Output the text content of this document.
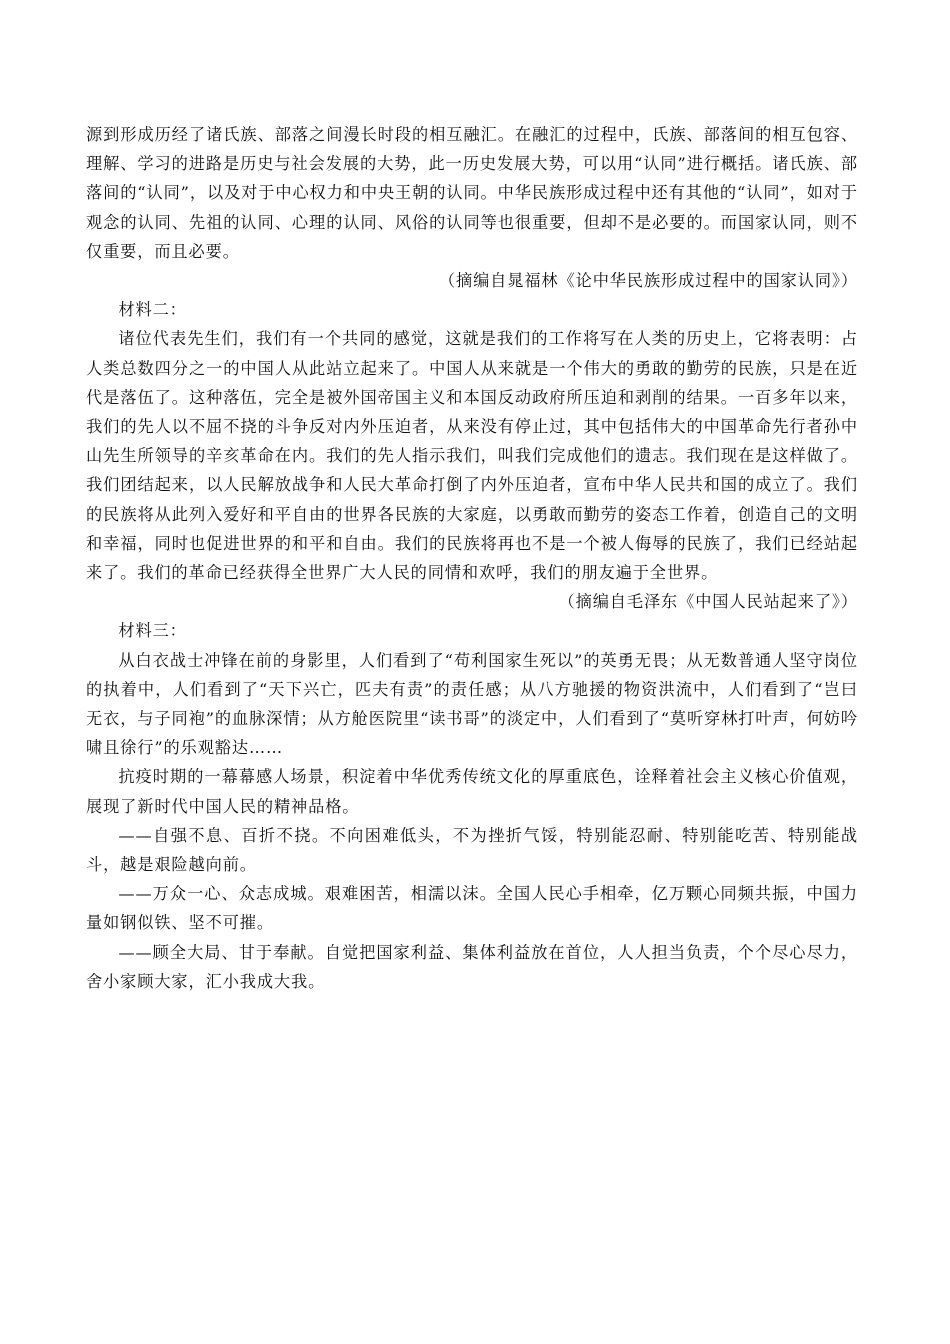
源到形成历经了诸氏族、部落之间漫长时段的相互融汇。在融汇的过程中，氏族、部落间的相互包容、理解、学习的进路是历史与社会发展的大势，此一历史发展大势，可以用“认同”进行概括。诸氏族、部落间的“认同”，以及对于中心权力和中央王朝的认同。中华民族形成过程中还有其他的“认同”，如对于观念的认同、先祖的认同、心理的认同、风俗的认同等也很重要，但却不是必要的。而国家认同，则不仅重要，而且必要。

（摘编自晁福林《论中华民族形成过程中的国家认同》）

材料二：

诸位代表先生们，我们有一个共同的感觉，这就是我们的工作将写在人类的历史上，它将表明：占人类总数四分之一的中国人从此站立起来了。中国人从来就是一个伟大的勇敢的勤劳的民族，只是在近代是落伍了。这种落伍，完全是被外国帝国主义和本国反动政府所压迫和剥削的结果。一百多年以来，我们的先人以不屈不挠的斗争反对内外压迫者，从来没有停止过，其中包括伟大的中国革命先行者孙中山先生所领导的辛亥革命在内。我们的先人指示我们，叫我们完成他们的遗志。我们现在是这样做了。我们团结起来，以人民解放战争和人民大革命打倒了内外压迫者，宣布中华人民共和国的成立了。我们的民族将从此列入爱好和平自由的世界各民族的大家庭，以勇敢而勤劳的姿态工作着，创造自己的文明和幸福，同时也促进世界的和平和自由。我们的民族将再也不是一个被人侮辱的民族了，我们已经站起来了。我们的革命已经获得全世界广大人民的同情和欢呼，我们的朋友遍于全世界。

（摘编自毛泽东《中国人民站起来了》）

材料三：

从白衣战士冲锋在前的身影里，人们看到了“苟利国家生死以”的英勇无畏；从无数普通人坚守岗位的执着中，人们看到了“天下兴亡，匹夫有责”的责任感；从八方驰援的物资洪流中，人们看到了“岂曰无衣，与子同袍”的血脉深情；从方舱医院里“读书哥”的淡定中，人们看到了“莫听穿林打叶声，何妨吟啸且徐行”的乐观豁达……

抗疫时期的一幕幕感人场景，积淀着中华优秀传统文化的厚重底色，诠释着社会主义核心价值观，展现了新时代中国人民的精神品格。

——自强不息、百折不挠。不向困难低头，不为挫折气馁，特别能忍耐、特别能吃苦、特别能战斗，越是艰险越向前。

——万众一心、众志成城。艰难困苦，相濡以沫。全国人民心手相牵，亿万颗心同频共振，中国力量如钢似铁、坚不可摧。

——顾全大局、甘于奉献。自觉把国家利益、集体利益放在首位，人人担当负责，个个尽心尽力，舍小家顾大家，汇小我成大我。
